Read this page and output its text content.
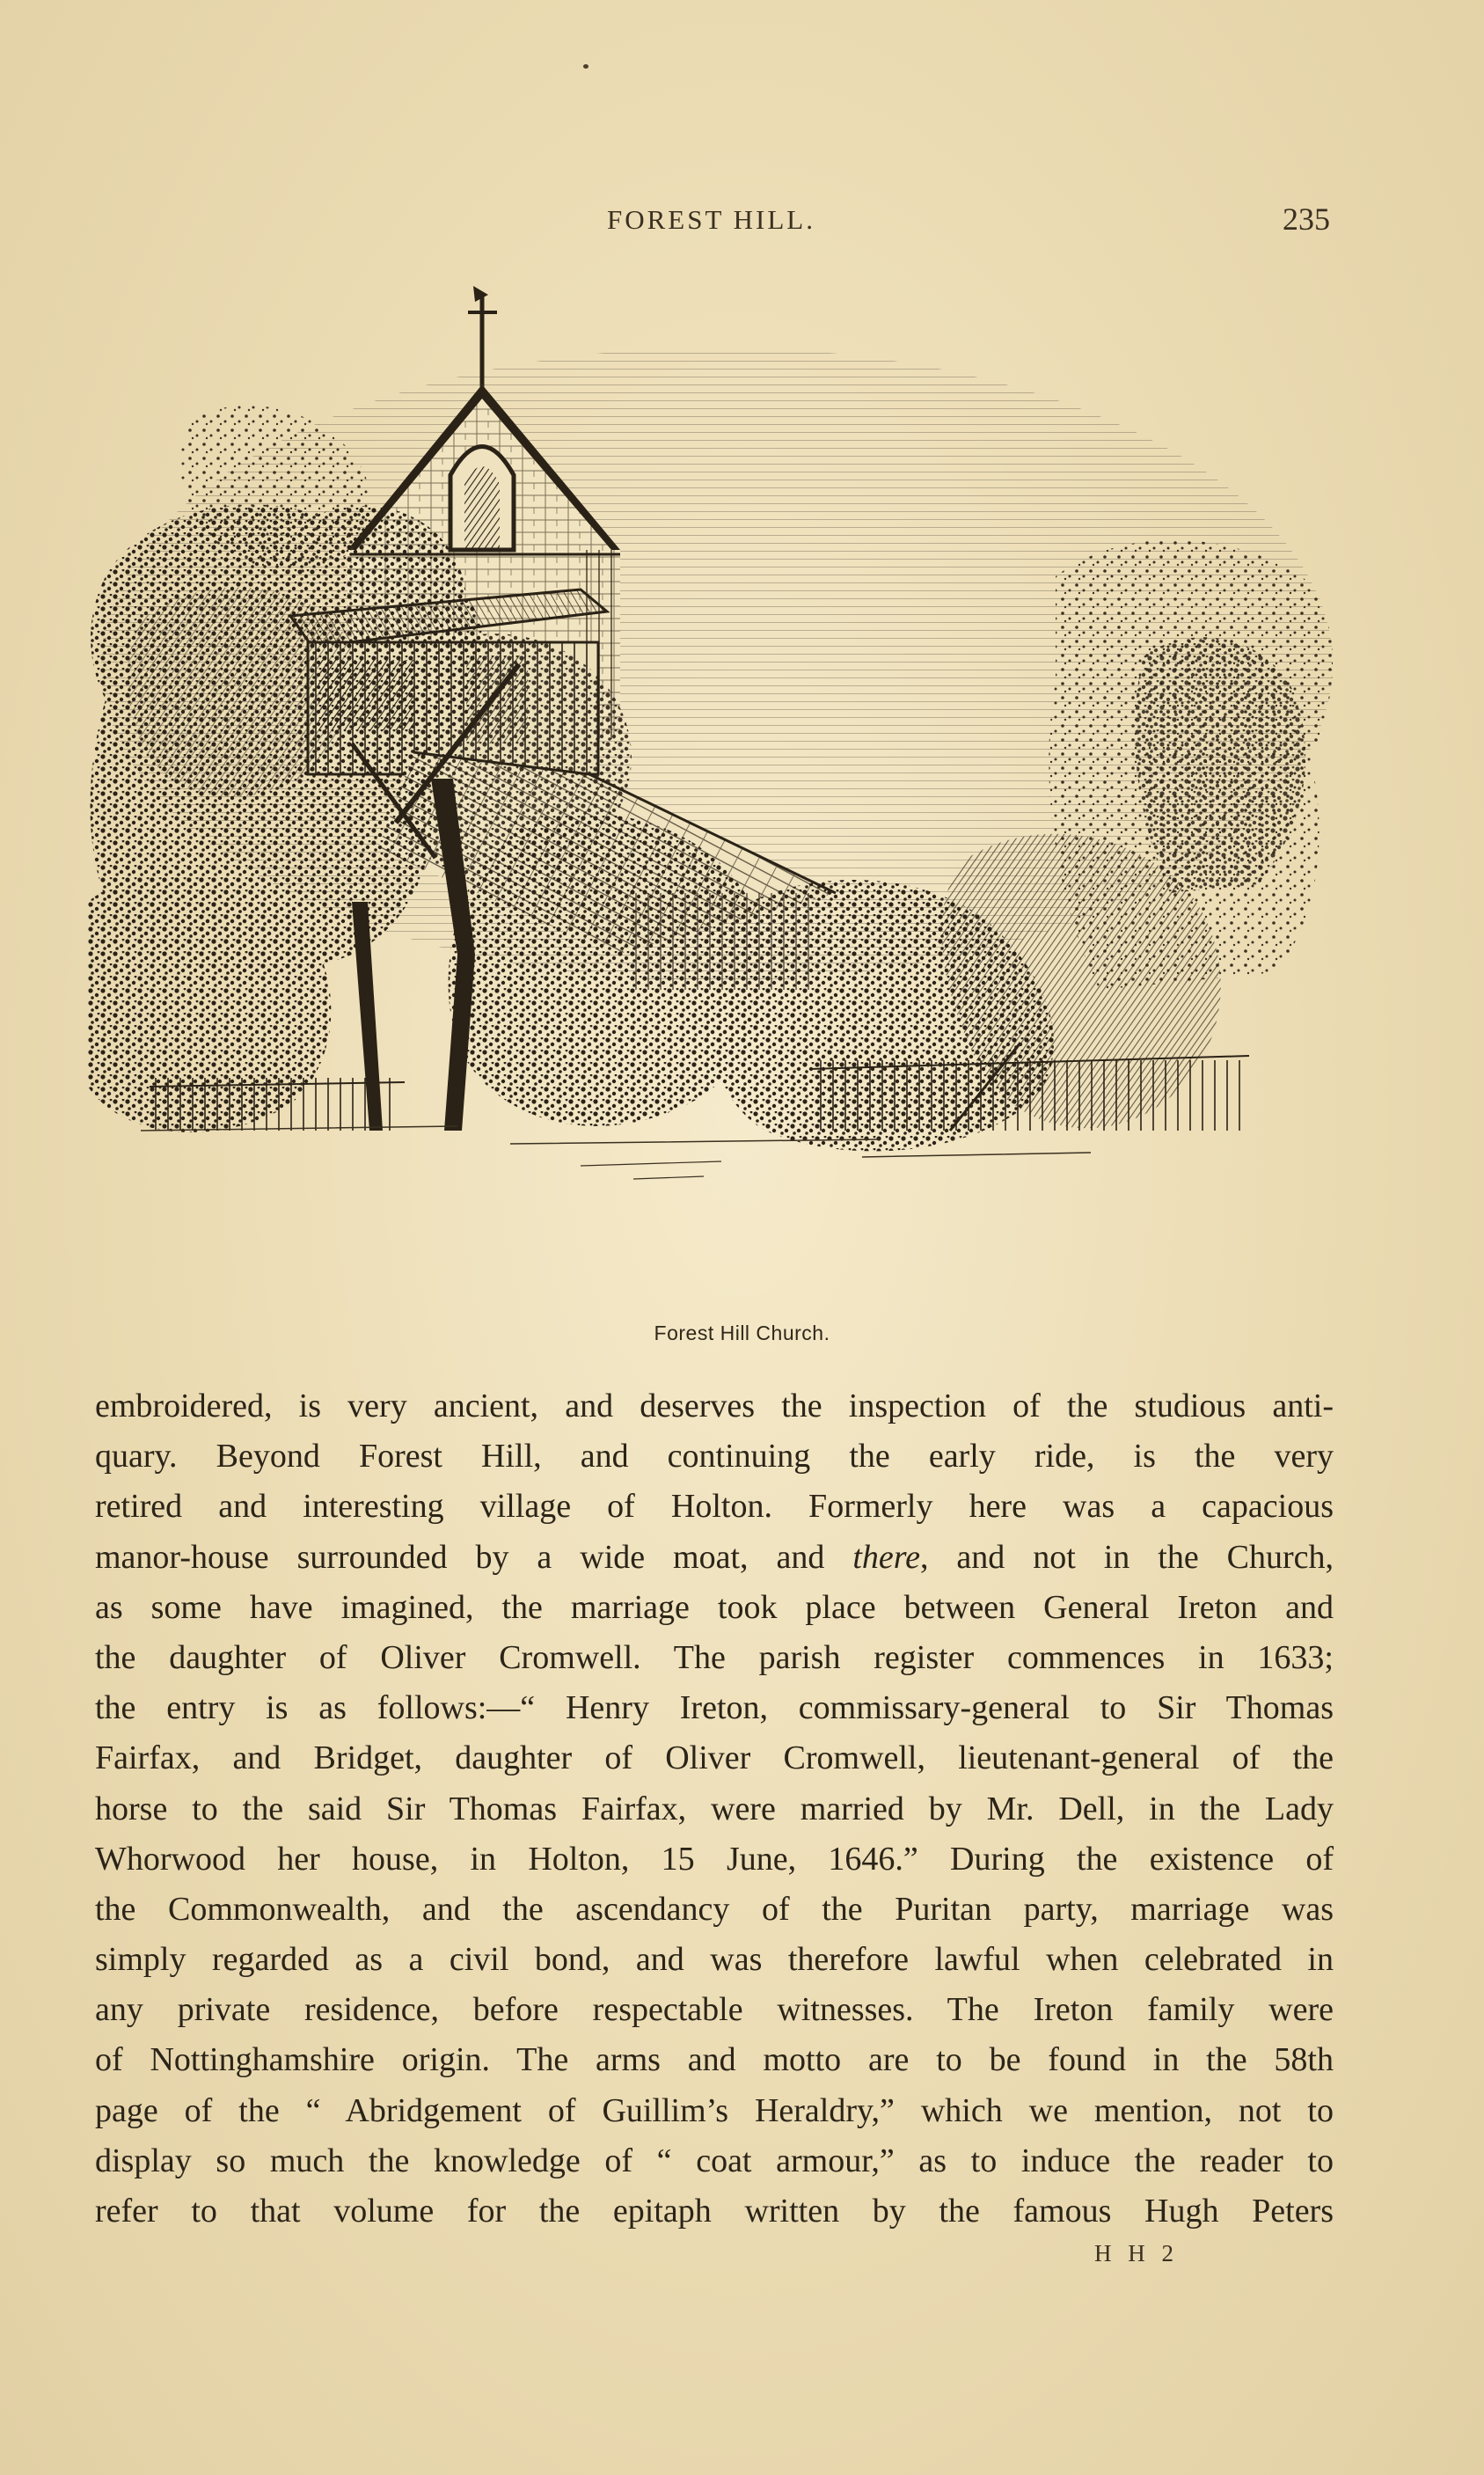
FOREST HILL.	235
Forest Hill Church.
embroidered, is very ancient, and deserves the inspection of the studious anti-
quary. Beyond Forest Hill, and continuing the early ride, is the very
retired and interesting village of Holton. Formerly here was a capacious
manor-house surrounded by a wide moat, and there, and not in the Church,
as some have imagined, the marriage took place between General Ireton and
the daughter of Oliver Cromwell. The parish register commences in 1633;
the entry is as follows:—“ Henry Ireton, commissary-general to Sir Thomas
Fairfax, and Bridget, daughter of Oliver Cromwell, lieutenant-general of the
horse to the said Sir Thomas Fairfax, were married by Mr. Dell, in the Lady
Whorwood her house, in Holton, 15 June, 1646.” During the existence of
the Commonwealth, and the ascendancy of the Puritan party, marriage was
simply regarded as a civil bond, and was therefore lawful when celebrated in
any private residence, before respectable witnesses. The Ireton family were
of Nottinghamshire origin. The arms and motto are to be found in the 58th
page of the “ Abridgement of Guillim’s Heraldry,” which we mention, not to
display so much the knowledge of “ coat armour,” as to induce the reader to
refer to that volume for the epitaph written by the famous Hugh Peters
H H 2
